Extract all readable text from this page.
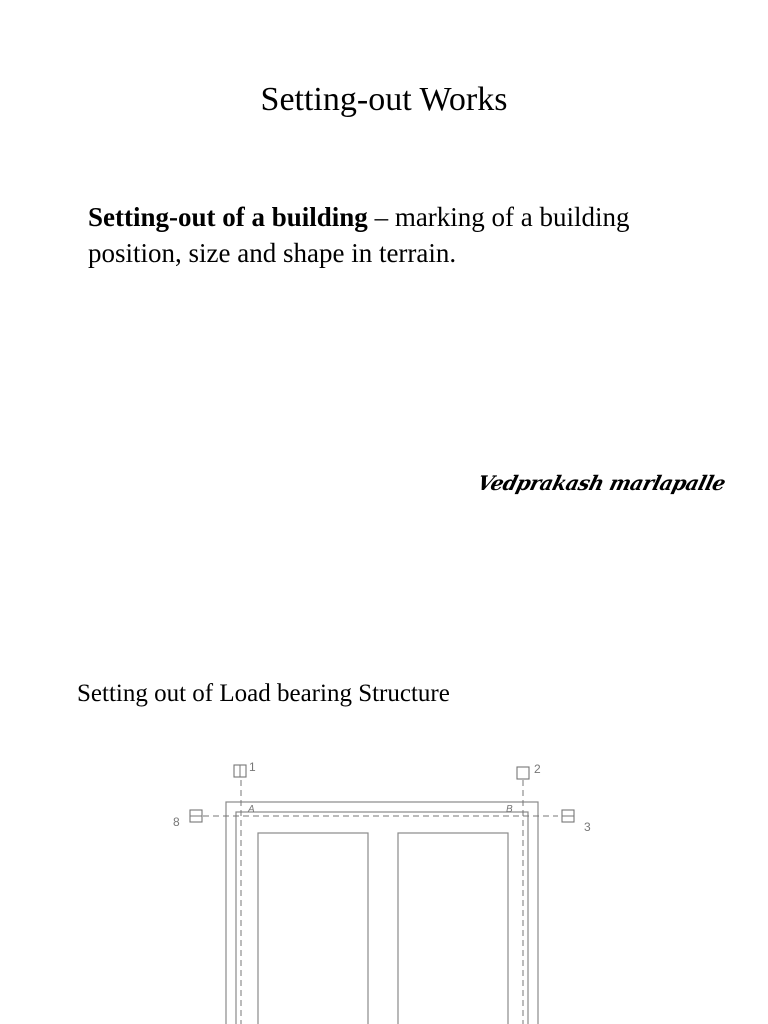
Setting-out Works
Setting-out of a building – marking of a building position, size and shape in terrain.
Vedprakash marlapalle
Setting out of Load bearing Structure
1	2
3
8
A	B
